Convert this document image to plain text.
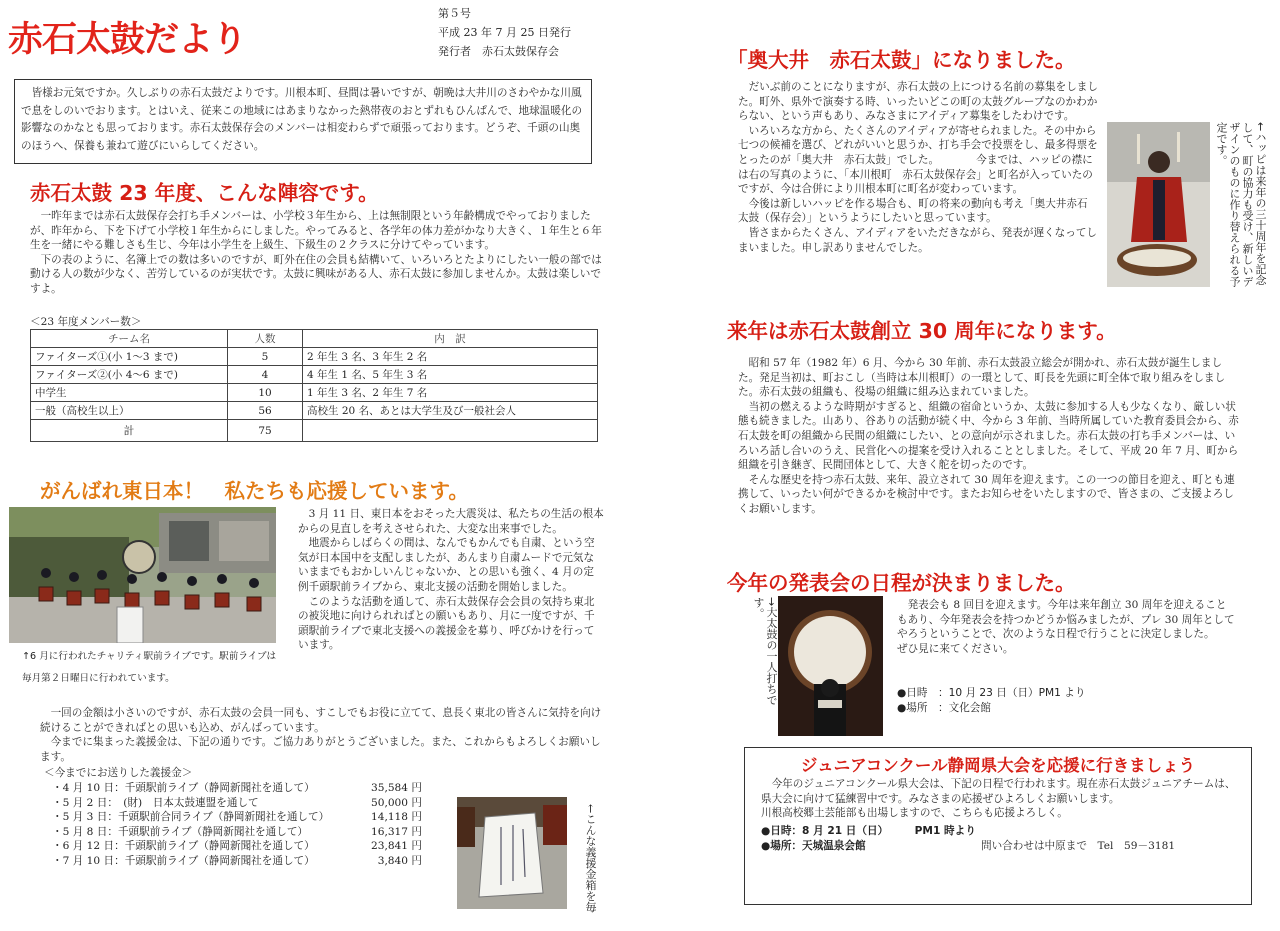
赤石太鼓だより
第５号
平成 23 年 7 月 25 日発行
発行者　赤石太鼓保存会
　皆様お元気ですか。久しぶりの赤石太鼓だよりです。川根本町、昼間は暑いですが、朝晩は大井川のさわやかな川風で息をしのいでおります。とはいえ、従来この地域にはあまりなかった熱帯夜のおとずれもひんぱんで、地球温暖化の影響なのかなとも思っております。赤石太鼓保存会のメンバーは相変わらずで頑張っております。どうぞ、千頭の山奥のほうへ、保養も兼ねて遊びにいらしてください。
赤石太鼓 23 年度、こんな陣容です。
　一昨年までは赤石太鼓保存会打ち手メンバーは、小学校３年生から、上は無制限という年齢構成でやっておりましたが、昨年から、下を下げて小学校１年生からにしました。やってみると、各学年の体力差がかなり大きく、１年生と６年生を一緒にやる難しさも生じ、今年は小学生を上級生、下級生の２クラスに分けてやっています。
　下の表のように、名簿上での数は多いのですが、町外在住の会員も結構いて、いろいろとたよりにしたい一般の部では動ける人の数が少なく、苦労しているのが実状です。太鼓に興味がある人、赤石太鼓に参加しませんか。太鼓は楽しいですよ。
＜23 年度メンバー数＞
チーム名	人数	内　訳
ファイターズ①(小 1～3 まで)	5	2 年生 3 名、3 年生 2 名
ファイターズ②(小 4～6 まで)	4	4 年生 1 名、5 年生 3 名
中学生	10	1 年生 3 名、2 年生 7 名
一般（高校生以上）	56	高校生 20 名、あとは大学生及び一般社会人
計	75	
がんばれ東日本！　私たちも応援しています。
↑6 月に行われたチャリティ駅前ライブです。駅前ライブは毎月第２日曜日に行われています。
　3 月 11 日、東日本をおそった大震災は、私たちの生活の根本からの見直しを考えさせられた、大変な出来事でした。
　地震からしばらくの間は、なんでもかんでも自粛、という空気が日本国中を支配しましたが、あんまり自粛ムードで元気ないままでもおかしいんじゃないか、との思いも強く、4 月の定例千頭駅前ライブから、東北支援の活動を開始しました。
　このような活動を通して、赤石太鼓保存会会員の気持ち東北の被災地に向けられればとの願いもあり、月に一度ですが、千頭駅前ライブで東北支援への義援金を募り、呼びかけを行っています。
　一回の金額は小さいのですが、赤石太鼓の会員一同も、すこしでもお役に立てて、息長く東北の皆さんに気持を向け続けることができればとの思いも込め、がんばっています。
　今までに集まった義援金は、下記の通りです。ご協力ありがとうございました。また、これからもよろしくお願いします。
＜今までにお送りした義援金＞
・4 月 10 日：千頭駅前ライブ（静岡新聞社を通して）	35,584 円
・5 月 2 日：　(財)　日本太鼓連盟を通して	50,000 円
・5 月 3 日：千頭駅前合同ライブ（静岡新聞社を通して）	14,118 円
・5 月 8 日：千頭駅前ライブ（静岡新聞社を通して）	16,317 円
・6 月 12 日：千頭駅前ライブ（静岡新聞社を通して）	23,841 円
・7 月 10 日：千頭駅前ライブ（静岡新聞社を通して）	3,840 円	←こんな義援金箱を毎
「奥大井　赤石太鼓」になりました。
　だいぶ前のことになりますが、赤石太鼓の上につける名前の募集をしました。町外、県外で演奏する時、いったいどこの町の太鼓グループなのかわからない、という声もあり、みなさまにアイディア募集をしたわけです。
　いろいろな方から、たくさんのアイディアが寄せられました。その中から七つの候補を選び、どれがいいと思うか、打ち手会で投票をし、最多得票をとったのが「奥大井　赤石太鼓」でした。　　　　今までは、ハッピの襟には右の写真のように、「本川根町　赤石太鼓保存会」と町名が入っていたのですが、今は合併により川根本町に町名が変わっています。
　今後は新しいハッピを作る場合も、町の将来の動向も考え「奥大井赤石太鼓（保存会）」というようにしたいと思っています。
　皆さまからたくさん、アイディアをいただきながら、発表が遅くなってしまいました。申し訳ありませんでした。	←ハッピは来年の三十周年を記念して、町の協力も受け、新しいデザインのものに作り替えられる予定です。
来年は赤石太鼓創立 30 周年になります。
　昭和 57 年（1982 年）6 月、今から 30 年前、赤石太鼓設立総会が開かれ、赤石太鼓が誕生しました。発足当初は、町おこし（当時は本川根町）の一環として、町長を先頭に町全体で取り組みをしました。赤石太鼓の組織も、役場の組織に組み込まれていました。
　当初の燃えるような時期がすぎると、組織の宿命というか、太鼓に参加する人も少なくなり、厳しい状態も続きました。山あり、谷ありの活動が続く中、今から 3 年前、当時所属していた教育委員会から、赤石太鼓を町の組織から民間の組織にしたい、との意向が示されました。赤石太鼓の打ち手メンバーは、いろいろ話し合いのうえ、民営化への提案を受け入れることとしました。そして、平成 20 年 7 月、町から組織を引き継ぎ、民間団体として、大きく舵を切ったのです。
　そんな歴史を持つ赤石太鼓、来年、設立されて 30 周年を迎えます。この一つの節目を迎え、町とも連携して、いったい何ができるかを検討中です。またお知らせをいたしますので、皆さまの、ご支援よろしくお願いします。
今年の発表会の日程が決まりました。
→大太鼓の一人打ちです。	　発表会も 8 回目を迎えます。今年は来年創立 30 周年を迎えることもあり、今年発表会を持つかどうか悩みましたが、プレ 30 周年としてやろうということで、次のような日程で行うことに決定しました。
ぜひ見に来てください。
●日時　：10 月 23 日（日）PM1 より
●場所　：文化会館
ジュニアコンクール静岡県大会を応援に行きましょう
　今年のジュニアコンクール県大会は、下記の日程で行われます。現在赤石太鼓ジュニアチームは、県大会に向けて猛練習中です。みなさまの応援ぜひよろしくお願いします。
川根高校郷土芸能部も出場しますので、こちらも応援よろしく。
●日時：8 月 21 日（日）　　　PM1 時より
●場所：天城温泉会館	問い合わせは中原まで　Tel　59－3181
